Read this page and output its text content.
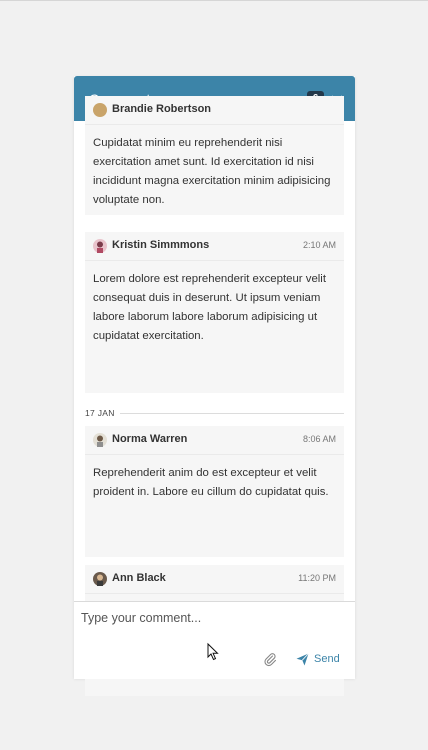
Brandie Robertson
Cupidatat minim eu reprehenderit nisi exercitation amet sunt. Id exercitation id nisi incididunt magna exercitation minim adipisicing voluptate non.
Kristin Simmmons	2:10 AM
Lorem dolore est reprehenderit excepteur velit consequat duis in deserunt. Ut ipsum veniam labore laborum labore laborum adipisicing ut cupidatat exercitation.
17 JAN
Norma Warren	8:06 AM
Reprehenderit anim do est excepteur et velit proident in. Labore eu cillum do cupidatat quis.
Ann Black	11:20 PM
Type your comment...
Send
